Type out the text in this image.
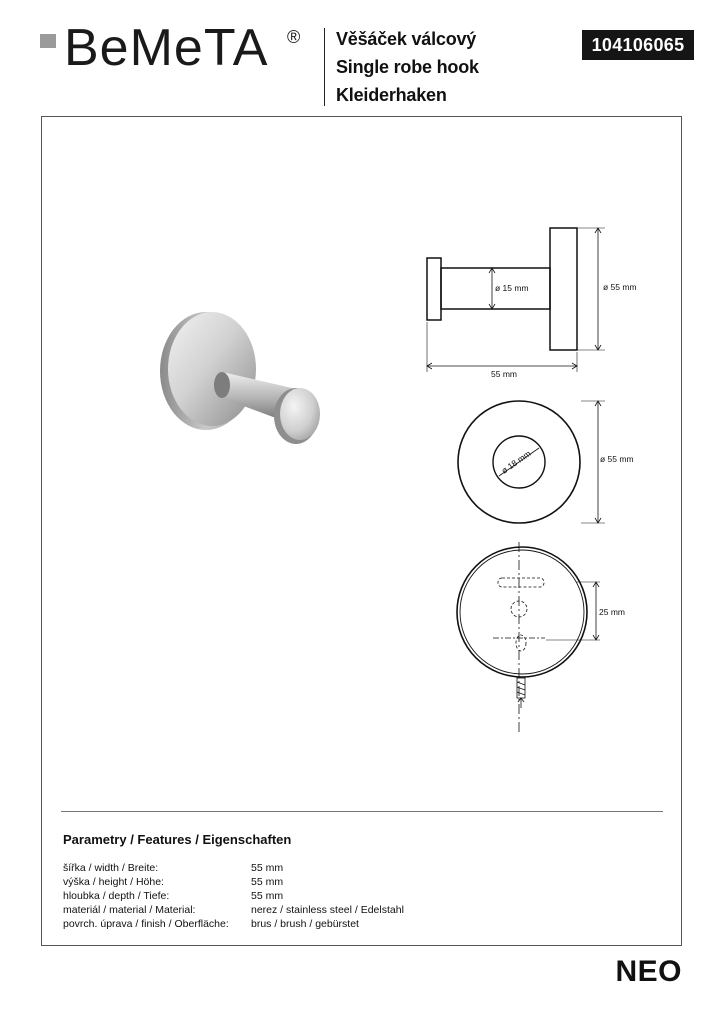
BeMeTA ® Věšáček válcový
Single robe hook
Kleiderhaken
104106065
ø 15 mm	ø 55 mm
55 mm
ø 18 mm	ø 55 mm
25 mm
Parametry / Features / Eigenschaften
šířka / width / Breite:	55 mm
výška / height / Höhe:	55 mm
hloubka / depth / Tiefe:	55 mm
materiál / material / Material:	nerez / stainless steel / Edelstahl
povrch. úprava / finish / Oberfläche:	brus / brush / gebürstet
NEO
